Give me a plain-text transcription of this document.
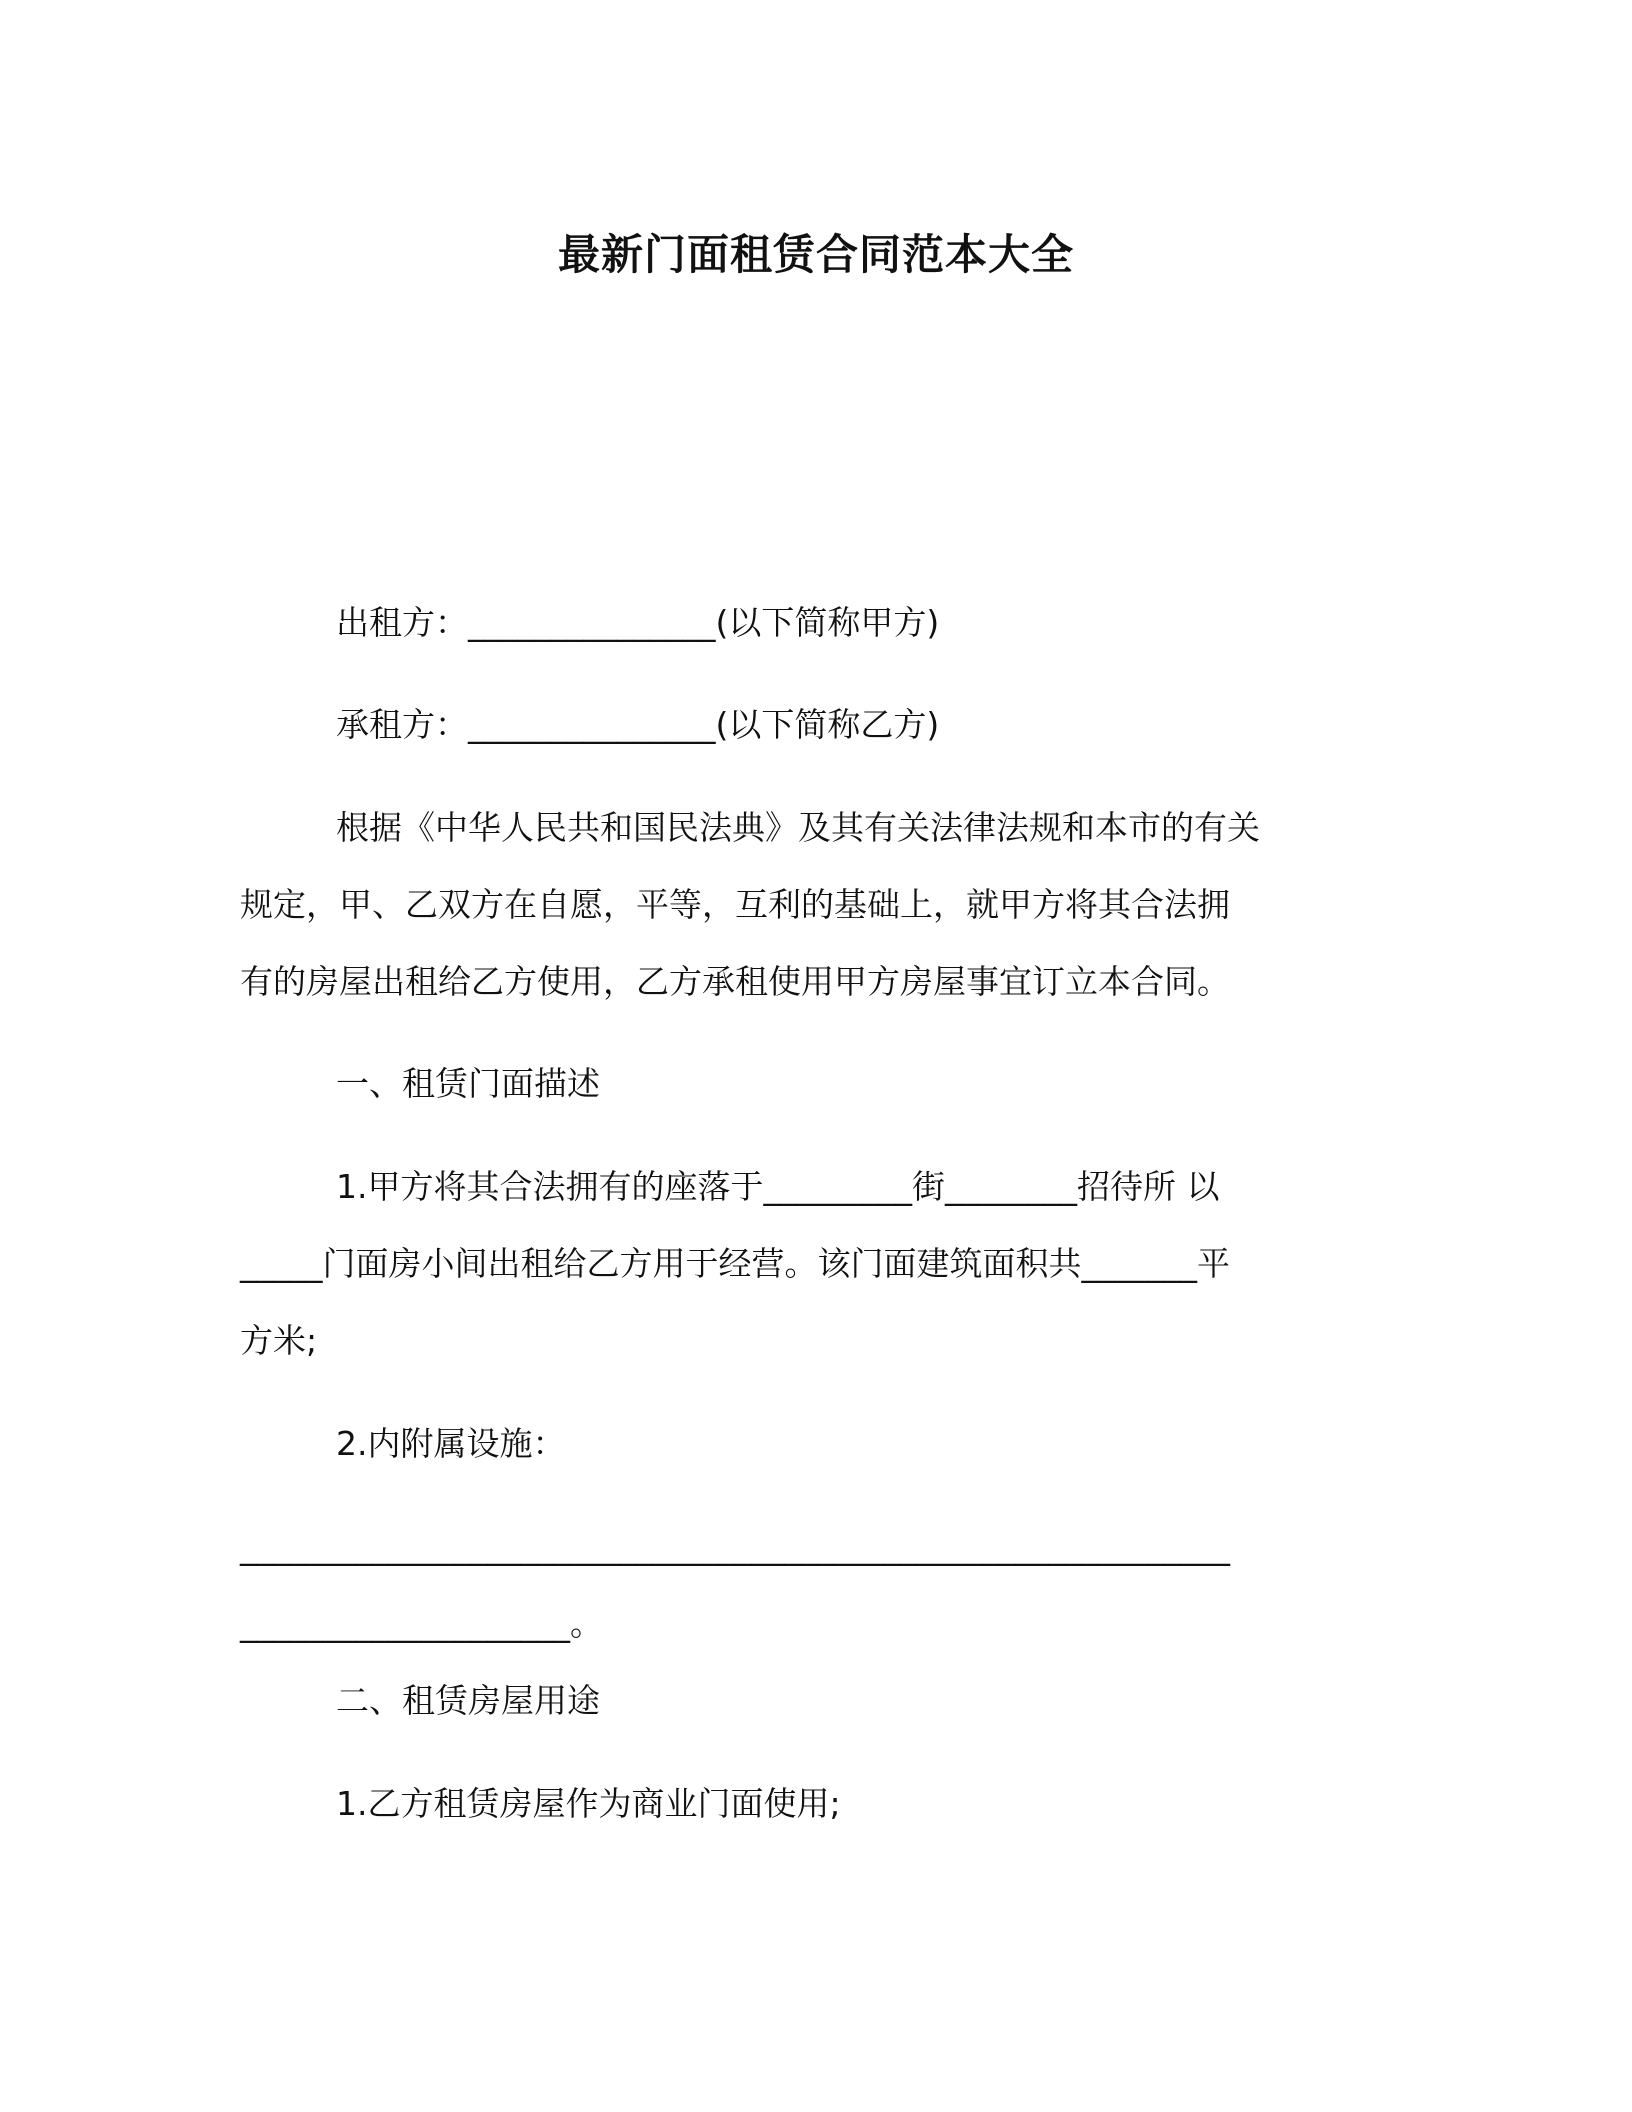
最新门面租赁合同范本大全

出租方：_______________(以下简称甲方)

承租方：_______________(以下简称乙方)

根据《中华人民共和国民法典》及其有关法律法规和本市的有关
规定，甲、乙双方在自愿，平等，互利的基础上，就甲方将其合法拥
有的房屋出租给乙方使用，乙方承租使用甲方房屋事宜订立本合同。

一、租赁门面描述

1.甲方将其合法拥有的座落于_________街________招待所 以
_____门面房小间出租给乙方用于经营。该门面建筑面积共_______平
方米;

2.内附属设施：

____________________________________________________________
____________________。

二、租赁房屋用途

1.乙方租赁房屋作为商业门面使用;
